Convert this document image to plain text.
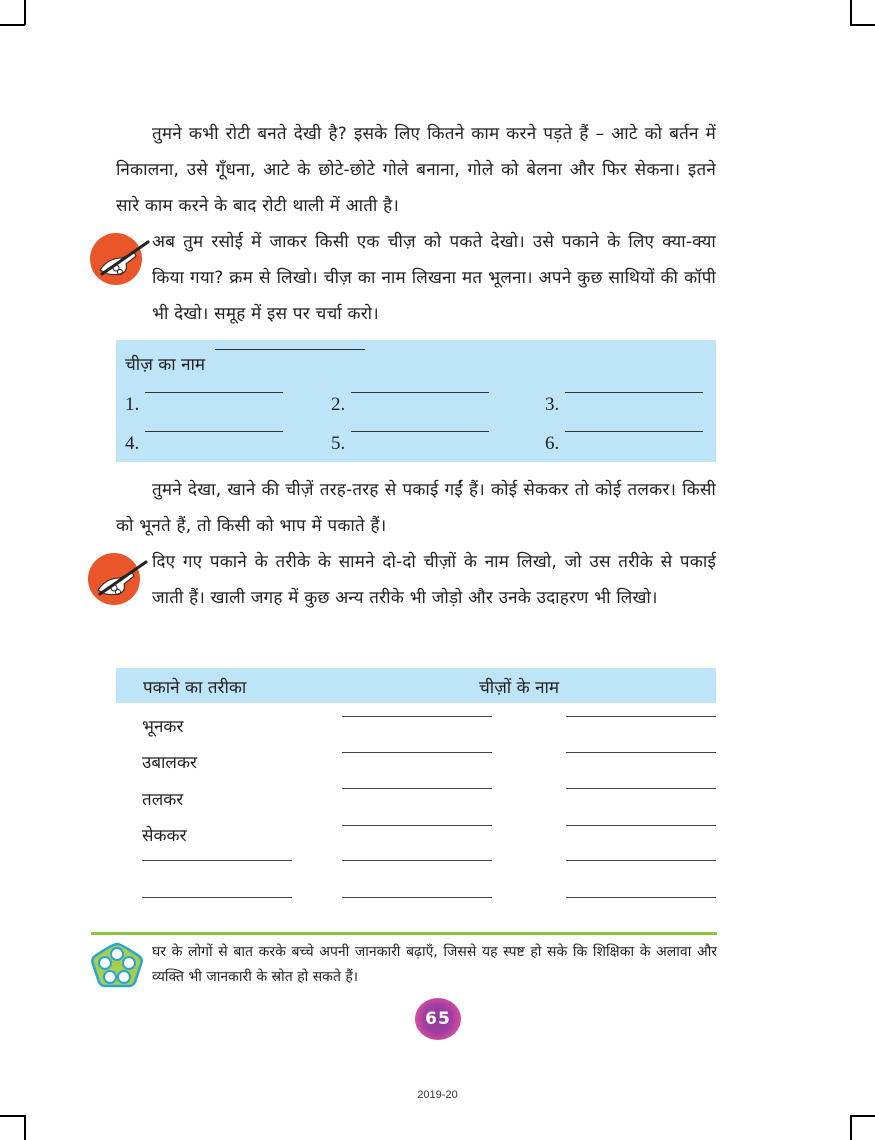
तुमने कभी रोटी बनते देखी है? इसके लिए कितने काम करने पड़ते हैं – आटे को बर्तन में निकालना, उसे गूँधना, आटे के छोटे-छोटे गोले बनाना, गोले को बेलना और फिर सेकना। इतने सारे काम करने के बाद रोटी थाली में आती है।
अब तुम रसोई में जाकर किसी एक चीज़ को पकते देखो। उसे पकाने के लिए क्या-क्या किया गया? क्रम से लिखो। चीज़ का नाम लिखना मत भूलना। अपने कुछ साथियों की कॉपी भी देखो। समूह में इस पर चर्चा करो।
चीज़ का नाम
1.	2.	3.
4.	5.	6.
तुमने देखा, खाने की चीज़ें तरह-तरह से पकाई गईं हैं। कोई सेककर तो कोई तलकर। किसी को भूनते हैं, तो किसी को भाप में पकाते हैं।
दिए गए पकाने के तरीके के सामने दो-दो चीज़ों के नाम लिखो, जो उस तरीके से पकाई जाती हैं। खाली जगह में कुछ अन्य तरीके भी जोड़ो और उनके उदाहरण भी लिखो।
पकाने का तरीका	चीज़ों के नाम
भूनकर
उबालकर
तलकर
सेककर
घर के लोगों से बात करके बच्चे अपनी जानकारी बढ़ाएँ, जिससे यह स्पष्ट हो सके कि शिक्षिका के अलावा और व्यक्ति भी जानकारी के स्रोत हो सकते हैं।
65
2019-20
